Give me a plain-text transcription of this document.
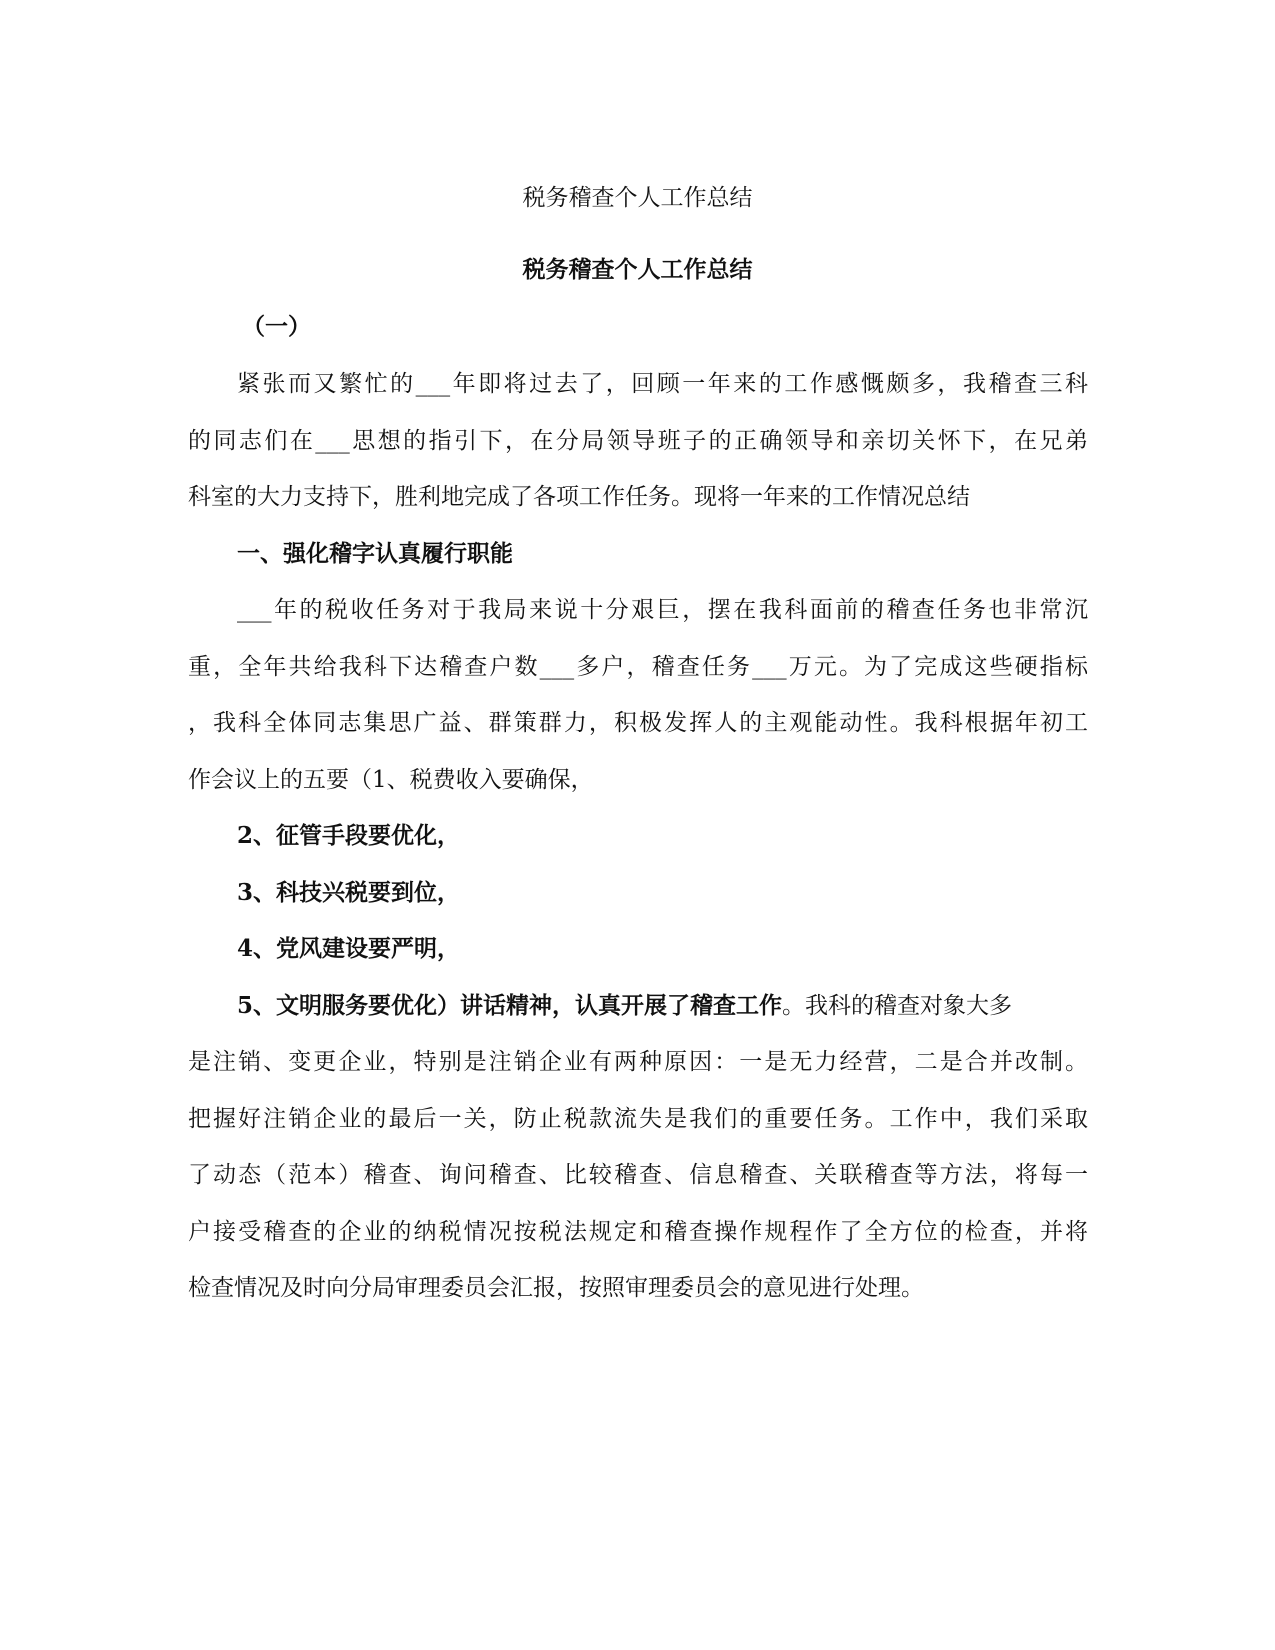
税务稽查个人工作总结
税务稽查个人工作总结
（一）
紧张而又繁忙的___年即将过去了，回顾一年来的工作感慨颇多，我稽查三科
的同志们在___思想的指引下，在分局领导班子的正确领导和亲切关怀下，在兄弟
科室的大力支持下，胜利地完成了各项工作任务。现将一年来的工作情况总结
一、强化稽字认真履行职能
___年的税收任务对于我局来说十分艰巨，摆在我科面前的稽查任务也非常沉
重，全年共给我科下达稽查户数___多户，稽查任务___万元。为了完成这些硬指标
，我科全体同志集思广益、群策群力，积极发挥人的主观能动性。我科根据年初工
作会议上的五要（1、税费收入要确保，
2、征管手段要优化，
3、科技兴税要到位，
4、党风建设要严明，
5、文明服务要优化）讲话精神，认真开展了稽查工作。我科的稽查对象大多
是注销、变更企业，特别是注销企业有两种原因：一是无力经营，二是合并改制。
把握好注销企业的最后一关，防止税款流失是我们的重要任务。工作中，我们采取
了动态（范本）稽查、询问稽查、比较稽查、信息稽查、关联稽查等方法，将每一
户接受稽查的企业的纳税情况按税法规定和稽查操作规程作了全方位的检查，并将
检查情况及时向分局审理委员会汇报，按照审理委员会的意见进行处理。
